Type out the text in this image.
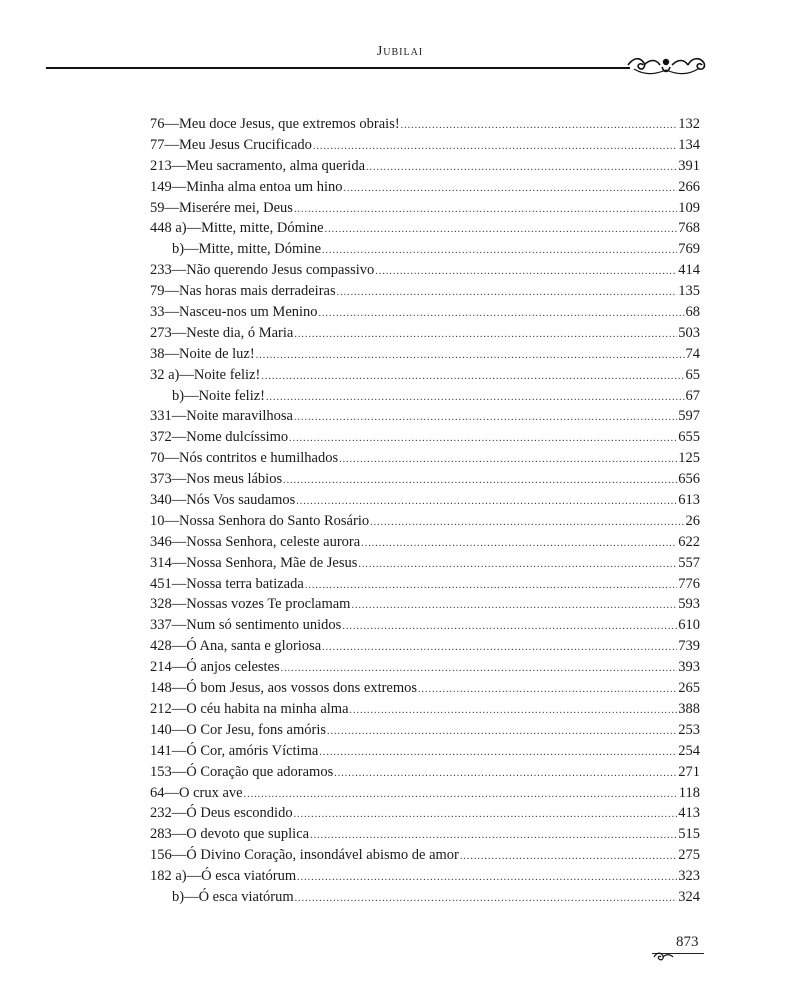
Jubilai
76—Meu doce Jesus, que extremos obrais! .....	132
77—Meu Jesus Crucificado .....	134
213—Meu sacramento, alma querida .....	391
149—Minha alma entoa um hino .....	266
59—Miserére mei, Deus .....	109
448 a)—Mitte, mitte, Dómine .....	768
b)—Mitte, mitte, Dómine .....	769
233—Não querendo Jesus compassivo .....	414
79—Nas horas mais derradeiras .....	135
33—Nasceu-nos um Menino .....	68
273—Neste dia, ó Maria .....	503
38—Noite de luz! .....	74
32 a)—Noite feliz! .....	65
b)—Noite feliz! .....	67
331—Noite maravilhosa .....	597
372—Nome dulcíssimo .....	655
70—Nós contritos e humilhados .....	125
373—Nos meus lábios .....	656
340—Nós Vos saudamos .....	613
10—Nossa Senhora do Santo Rosário .....	26
346—Nossa Senhora, celeste aurora .....	622
314—Nossa Senhora, Mãe de Jesus .....	557
451—Nossa terra batizada .....	776
328—Nossas vozes Te proclamam .....	593
337—Num só sentimento unidos .....	610
428—Ó Ana, santa e gloriosa .....	739
214—Ó anjos celestes .....	393
148—Ó bom Jesus, aos vossos dons extremos .....	265
212—O céu habita na minha alma .....	388
140—O Cor Jesu, fons amóris .....	253
141—Ó Cor, amóris Víctima .....	254
153—Ó Coração que adoramos .....	271
64—O crux ave .....	118
232—Ó Deus escondido .....	413
283—O devoto que suplica .....	515
156—Ó Divino Coração, insondável abismo de amor .....	275
182 a)—Ó esca viatórum .....	323
b)—Ó esca viatórum .....	324
873
